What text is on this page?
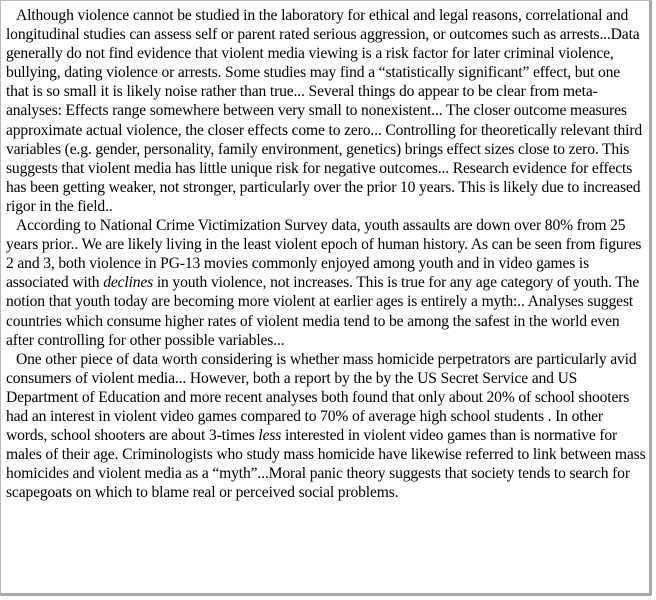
Although violence cannot be studied in the laboratory for ethical and legal reasons, correlational and longitudinal studies can assess self or parent rated serious aggression, or outcomes such as arrests...Data generally do not find evidence that violent media viewing is a risk factor for later criminal violence, bullying, dating violence or arrests. Some studies may find a “statistically significant” effect, but one that is so small it is likely noise rather than true... Several things do appear to be clear from meta-analyses: Effects range somewhere between very small to nonexistent... The closer outcome measures approximate actual violence, the closer effects come to zero... Controlling for theoretically relevant third variables (e.g. gender, personality, family environment, genetics) brings effect sizes close to zero. This suggests that violent media has little unique risk for negative outcomes... Research evidence for effects has been getting weaker, not stronger, particularly over the prior 10 years. This is likely due to increased rigor in the field..

According to National Crime Victimization Survey data, youth assaults are down over 80% from 25 years prior.. We are likely living in the least violent epoch of human history. As can be seen from figures 2 and 3, both violence in PG-13 movies commonly enjoyed among youth and in video games is associated with declines in youth violence, not increases. This is true for any age category of youth. The notion that youth today are becoming more violent at earlier ages is entirely a myth:.. Analyses suggest countries which consume higher rates of violent media tend to be among the safest in the world even after controlling for other possible variables...

One other piece of data worth considering is whether mass homicide perpetrators are particularly avid consumers of violent media... However, both a report by the by the US Secret Service and US Department of Education and more recent analyses both found that only about 20% of school shooters had an interest in violent video games compared to 70% of average high school students . In other words, school shooters are about 3-times less interested in violent video games than is normative for males of their age. Criminologists who study mass homicide have likewise referred to link between mass homicides and violent media as a “myth”...Moral panic theory suggests that society tends to search for scapegoats on which to blame real or perceived social problems.
